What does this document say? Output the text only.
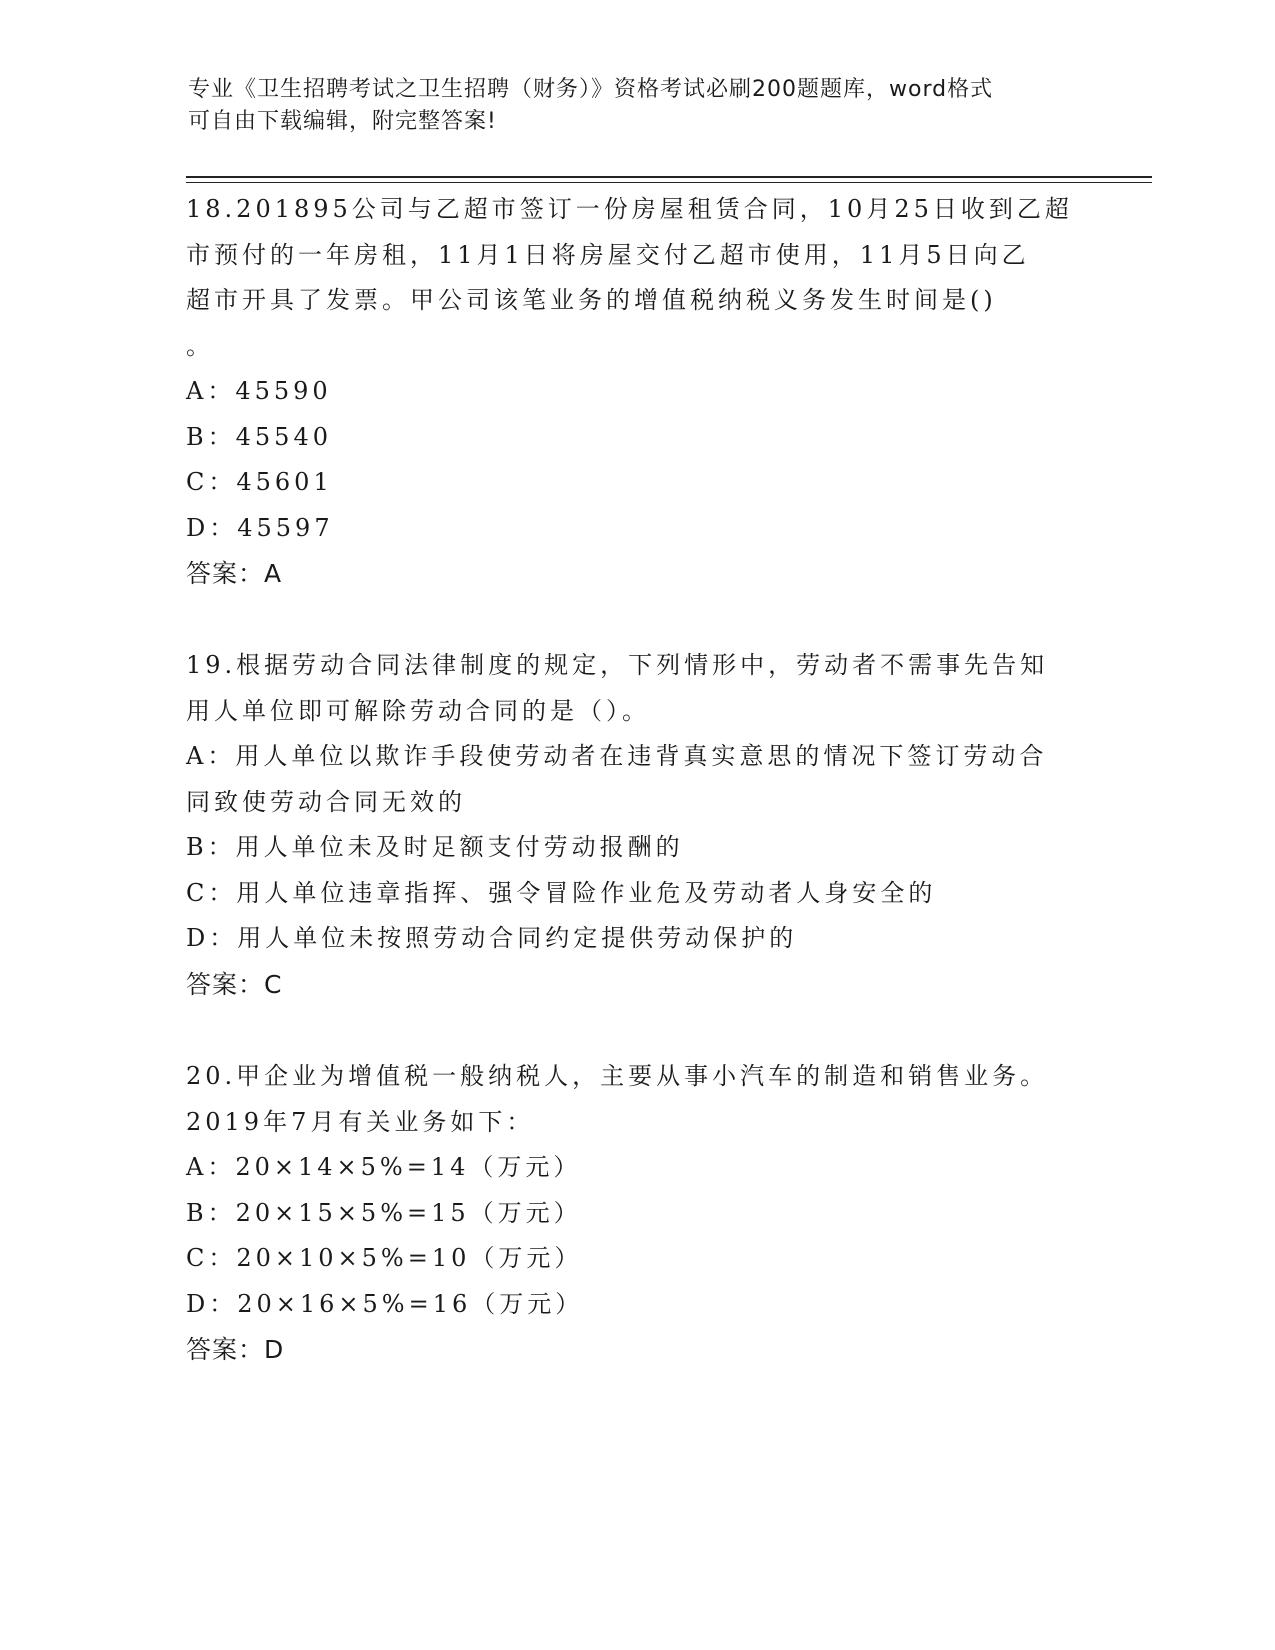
专业《卫生招聘考试之卫生招聘（财务）》资格考试必刷200题题库，word格式
可自由下载编辑，附完整答案!
18.201895公司与乙超市签订一份房屋租赁合同，10月25日收到乙超
市预付的一年房租，11月1日将房屋交付乙超市使用，11月5日向乙
超市开具了发票。甲公司该笔业务的增值税纳税义务发生时间是()
。
A：45590
B：45540
C：45601
D：45597
答案：A
19.根据劳动合同法律制度的规定，下列情形中，劳动者不需事先告知
用人单位即可解除劳动合同的是（）。
A：用人单位以欺诈手段使劳动者在违背真实意思的情况下签订劳动合
同致使劳动合同无效的
B：用人单位未及时足额支付劳动报酬的
C：用人单位违章指挥、强令冒险作业危及劳动者人身安全的
D：用人单位未按照劳动合同约定提供劳动保护的
答案：C
20.甲企业为增值税一般纳税人，主要从事小汽车的制造和销售业务。
2019年7月有关业务如下：
A：20×14×5%=14（万元）
B：20×15×5%=15（万元）
C：20×10×5%=10（万元）
D：20×16×5%=16（万元）
答案：D
